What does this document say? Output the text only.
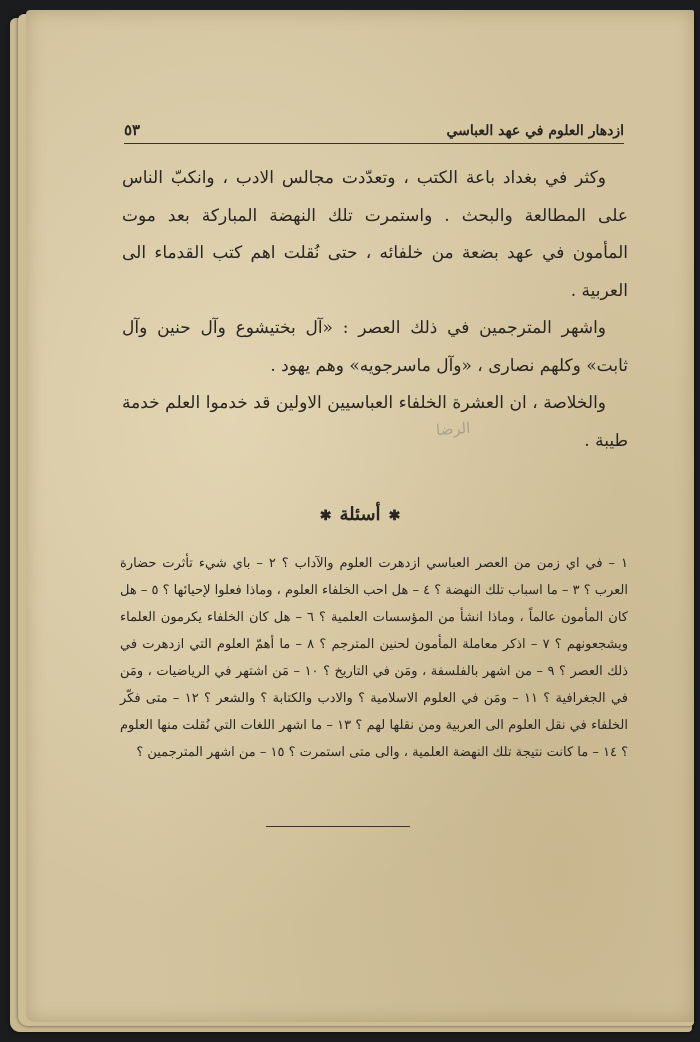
ازدهار العلوم في عهد العباسي
٥٣

وكثر في بغداد باعة الكتب ، وتعدّدت مجالس الادب ، وانكبّ الناس على المطالعة والبحث . واستمرت تلك النهضة المباركة بعد موت المأمون في عهد بضعة من خلفائه ، حتى نُقلت اهم كتب القدماء الى العربية .

واشهر المترجمين في ذلك العصر : «آل بختيشوع وآل حنين وآل ثابت» وكلهم نصارى ، «وآل ماسرجويه» وهم يهود .

والخلاصة ، ان العشرة الخلفاء العباسيين الاولين قد خدموا العلم خدمة طيبة .

الرضا
✱أسئلة✱

١ – في اي زمن من العصر العباسي ازدهرت العلوم والآداب ؟ ٢ – باي شيء تأثرت حضارة العرب ؟ ٣ – ما اسباب تلك النهضة ؟ ٤ – هل احب الخلفاء العلوم ، وماذا فعلوا لإحيائها ؟ ٥ – هل كان المأمون عالماً ، وماذا انشأ من المؤسسات العلمية ؟ ٦ – هل كان الخلفاء يكرمون العلماء ويشجعونهم ؟ ٧ – اذكر معاملة المأمون لحنين المترجم ؟ ٨ – ما أهمّ العلوم التي ازدهرت في ذلك العصر ؟ ٩ – من اشهر بالفلسفة ، ومَن في التاريخ ؟ ١٠ – مَن اشتهر في الرياضيات ، ومَن في الجغرافية ؟ ١١ – ومَن في العلوم الاسلامية ؟ والادب والكتابة ؟ والشعر ؟ ١٢ – متى فكّر الخلفاء في نقل العلوم الى العربية ومن نقلها لهم ؟ ١٣ – ما اشهر اللغات التي نُقلت منها العلوم ؟ ١٤ – ما كانت نتيجة تلك النهضة العلمية ، والى متى استمرت ؟ ١٥ – من اشهر المترجمين ؟
